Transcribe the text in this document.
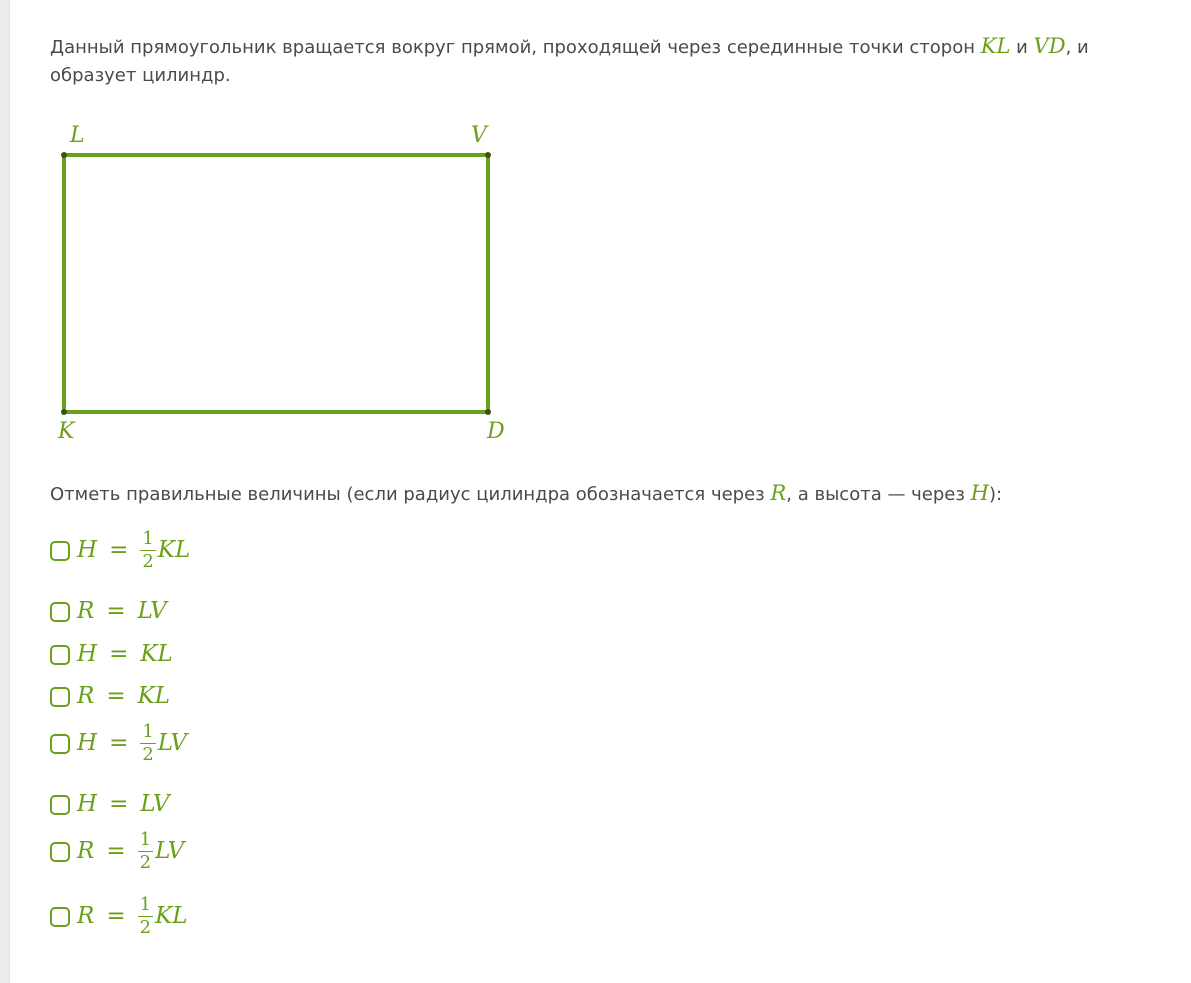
Данный прямоугольник вращается вокруг прямой, проходящей через серединные точки сторон KL и VD, и образует цилиндр.

L	V
K	D

Отметь правильные величины (если радиус цилиндра обозначается через R, а высота — через H):

$H = \frac{1}{2}$ KL
R = LV
H = KL
R = KL
$H = \frac{1}{2}$ LV
H = LV
$R = \frac{1}{2}$ LV
$R = \frac{1}{2}$ KL
